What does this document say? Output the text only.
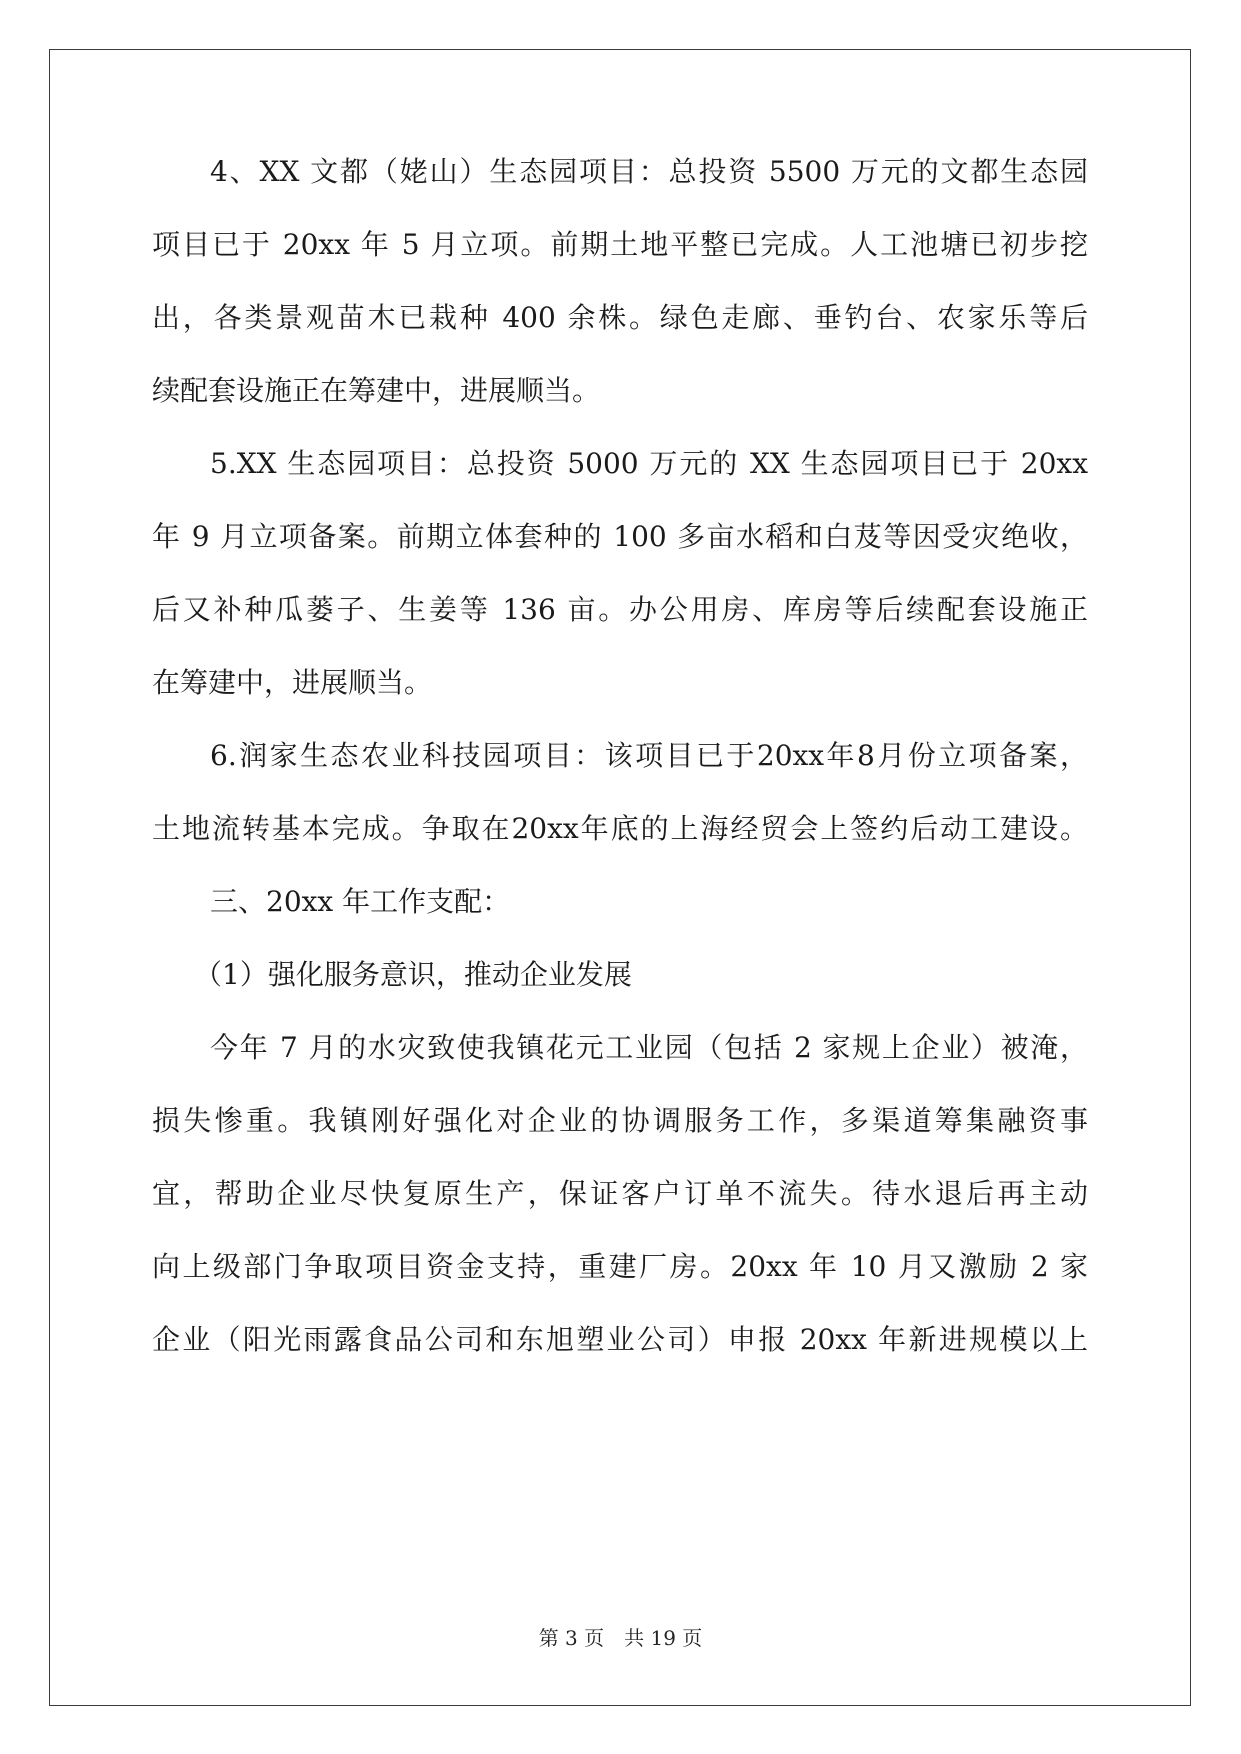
4、XX 文都（姥山）生态园项目：总投资 5500 万元的文都生态园
项目已于 20xx 年 5 月立项。前期土地平整已完成。人工池塘已初步挖
出，各类景观苗木已栽种 400 余株。绿色走廊、垂钓台、农家乐等后
续配套设施正在筹建中，进展顺当。
5.XX 生态园项目：总投资 5000 万元的 XX 生态园项目已于 20xx
年 9 月立项备案。前期立体套种的 100 多亩水稻和白芨等因受灾绝收，
后又补种瓜蒌子、生姜等 136 亩。办公用房、库房等后续配套设施正
在筹建中，进展顺当。
6.润家生态农业科技园项目：该项目已于20xx年8月份立项备案，
土地流转基本完成。争取在20xx年底的上海经贸会上签约后动工建设。
三、20xx 年工作支配：
（1）强化服务意识，推动企业发展
今年 7 月的水灾致使我镇花元工业园（包括 2 家规上企业）被淹，
损失惨重。我镇刚好强化对企业的协调服务工作，多渠道筹集融资事
宜，帮助企业尽快复原生产，保证客户订单不流失。待水退后再主动
向上级部门争取项目资金支持，重建厂房。20xx 年 10 月又激励 2 家
企业（阳光雨露食品公司和东旭塑业公司）申报 20xx 年新进规模以上
第 3 页　共 19 页
